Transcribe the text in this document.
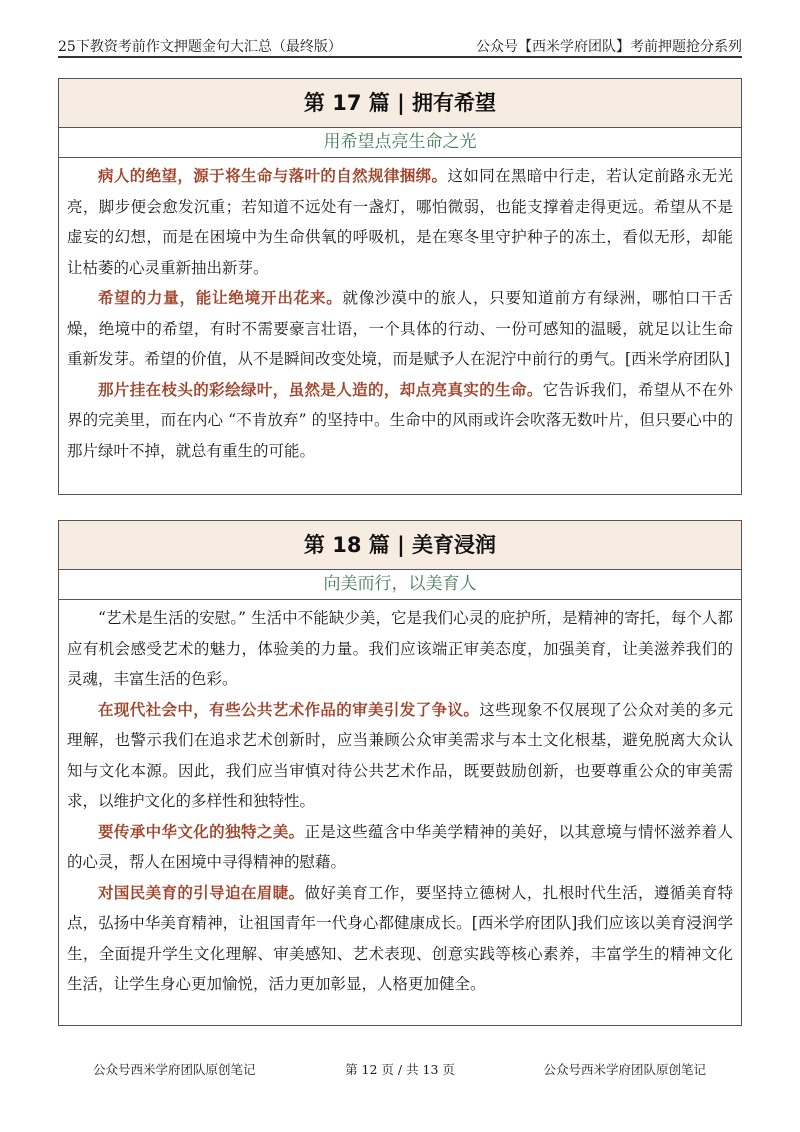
25下教资考前作文押题金句大汇总（最终版）	公众号【西米学府团队】考前押题抢分系列
第 17 篇 | 拥有希望
用希望点亮生命之光

病人的绝望，源于将生命与落叶的自然规律捆绑。这如同在黑暗中行走，若认定前路永无光亮，脚步便会愈发沉重；若知道不远处有一盏灯，哪怕微弱，也能支撑着走得更远。希望从不是虚妄的幻想，而是在困境中为生命供氧的呼吸机，是在寒冬里守护种子的冻土，看似无形，却能让枯萎的心灵重新抽出新芽。

希望的力量，能让绝境开出花来。就像沙漠中的旅人，只要知道前方有绿洲，哪怕口干舌燥，绝境中的希望，有时不需要豪言壮语，一个具体的行动、一份可感知的温暖，就足以让生命重新发芽。希望的价值，从不是瞬间改变处境，而是赋予人在泥泞中前行的勇气。[西米学府团队]

那片挂在枝头的彩绘绿叶，虽然是人造的，却点亮真实的生命。它告诉我们，希望从不在外界的完美里，而在内心 “不肯放弃” 的坚持中。生命中的风雨或许会吹落无数叶片，但只要心中的那片绿叶不掉，就总有重生的可能。

第 18 篇 | 美育浸润
向美而行，以美育人

“艺术是生活的安慰。” 生活中不能缺少美，它是我们心灵的庇护所，是精神的寄托，每个人都应有机会感受艺术的魅力，体验美的力量。我们应该端正审美态度，加强美育，让美滋养我们的灵魂，丰富生活的色彩。

在现代社会中，有些公共艺术作品的审美引发了争议。这些现象不仅展现了公众对美的多元理解，也警示我们在追求艺术创新时，应当兼顾公众审美需求与本土文化根基，避免脱离大众认知与文化本源。因此，我们应当审慎对待公共艺术作品，既要鼓励创新，也要尊重公众的审美需求，以维护文化的多样性和独特性。

要传承中华文化的独特之美。正是这些蕴含中华美学精神的美好，以其意境与情怀滋养着人的心灵，帮人在困境中寻得精神的慰藉。

对国民美育的引导迫在眉睫。做好美育工作，要坚持立德树人，扎根时代生活，遵循美育特点，弘扬中华美育精神，让祖国青年一代身心都健康成长。[西米学府团队]我们应该以美育浸润学生，全面提升学生文化理解、审美感知、艺术表现、创意实践等核心素养，丰富学生的精神文化生活，让学生身心更加愉悦，活力更加彰显，人格更加健全。

公众号西米学府团队原创笔记	第 12 页 / 共 13 页	公众号西米学府团队原创笔记
